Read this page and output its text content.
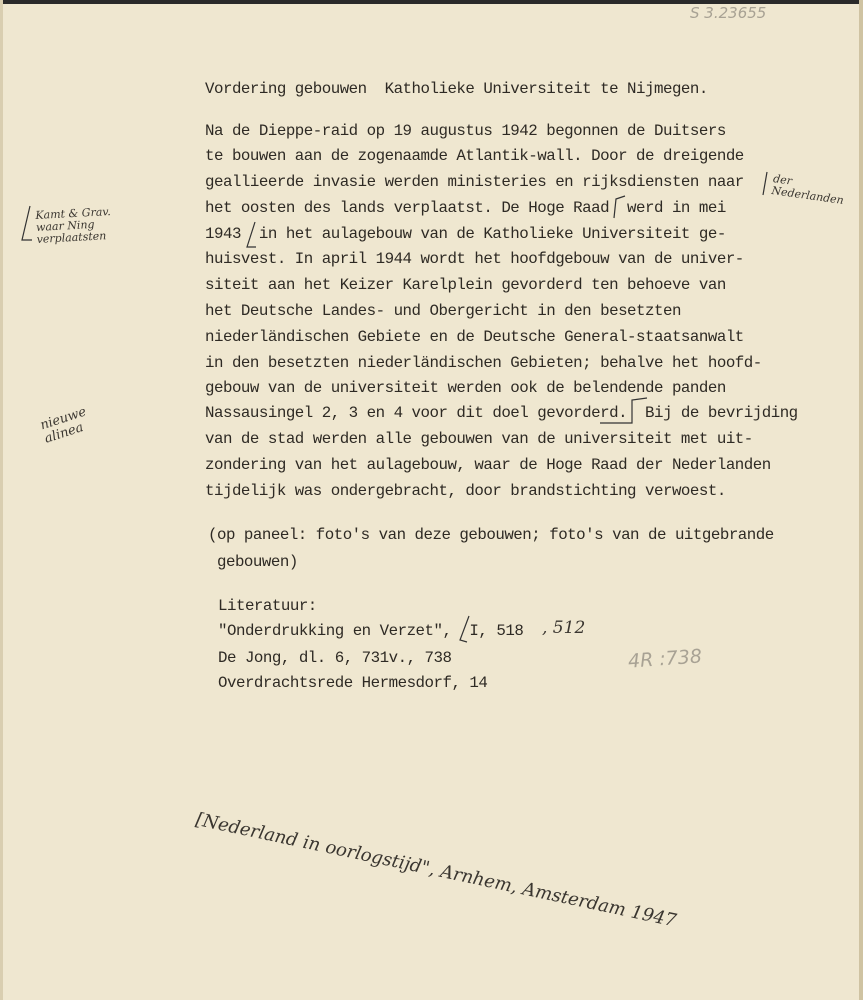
S 3.23655
Vordering gebouwen  Katholieke Universiteit te Nijmegen.
Na de Dieppe-raid op 19 augustus 1942 begonnen de Duitsers
te bouwen aan de zogenaamde Atlantik-wall. Door de dreigende
geallieerde invasie werden ministeries en rijksdiensten naar
het oosten des lands verplaatst. De Hoge Raad  werd in mei
1943  in het aulagebouw van de Katholieke Universiteit ge-
huisvest. In april 1944 wordt het hoofdgebouw van de univer-
siteit aan het Keizer Karelplein gevorderd ten behoeve van
het Deutsche Landes- und Obergericht in den besetzten
niederländischen Gebiete en de Deutsche General-staatsanwalt
in den besetzten niederländischen Gebieten; behalve het hoofd-
gebouw van de universiteit werden ook de belendende panden
Nassausingel 2, 3 en 4 voor dit doel gevorderd.  Bij de bevrijding
van de stad werden alle gebouwen van de universiteit met uit-
zondering van het aulagebouw, waar de Hoge Raad der Nederlanden
tijdelijk was ondergebracht, door brandstichting verwoest.
(op paneel: foto's van deze gebouwen; foto's van de uitgebrande
gebouwen)
Literatuur:
"Onderdrukking en Verzet",  I, 518 , 512
De Jong, dl. 6, 731v., 738
Overdrachtsrede Hermesdorf, 14
4R :738
der
Nederlanden
Kamt & Grav.
waar Ning
verplaatsten
nieuwe
alinea
[Nederland in oorlogstijd", Arnhem, Amsterdam 1947
